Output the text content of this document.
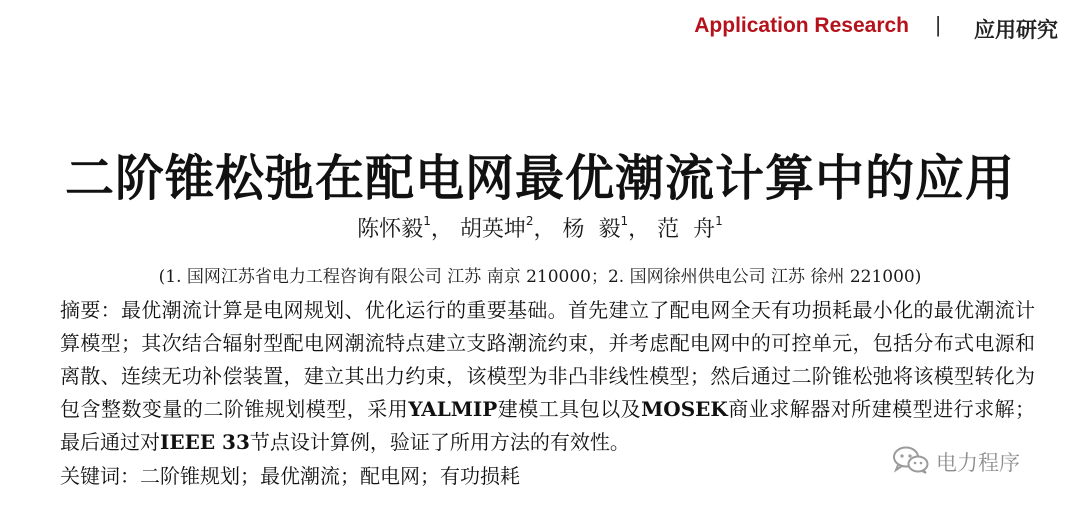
Application Research | 应用研究
二阶锥松弛在配电网最优潮流计算中的应用
陈怀毅$^1$， 胡英坤$^2$， 杨  毅$^1$， 范  舟$^1$
(1. 国网江苏省电力工程咨询有限公司 江苏 南京 210000；2. 国网徐州供电公司 江苏 徐州 221000)
摘要：最优潮流计算是电网规划、优化运行的重要基础。首先建立了配电网全天有功损耗最小化的最优潮流计算模型；其次结合辐射型配电网潮流特点建立支路潮流约束，并考虑配电网中的可控单元，包括分布式电源和离散、连续无功补偿装置，建立其出力约束，该模型为非凸非线性模型；然后通过二阶锥松弛将该模型转化为包含整数变量的二阶锥规划模型，采用YALMIP建模工具包以及MOSEK商业求解器对所建模型进行求解；最后通过对IEEE 33节点设计算例，验证了所用方法的有效性。
关键词：二阶锥规划；最优潮流；配电网；有功损耗
电力程序
